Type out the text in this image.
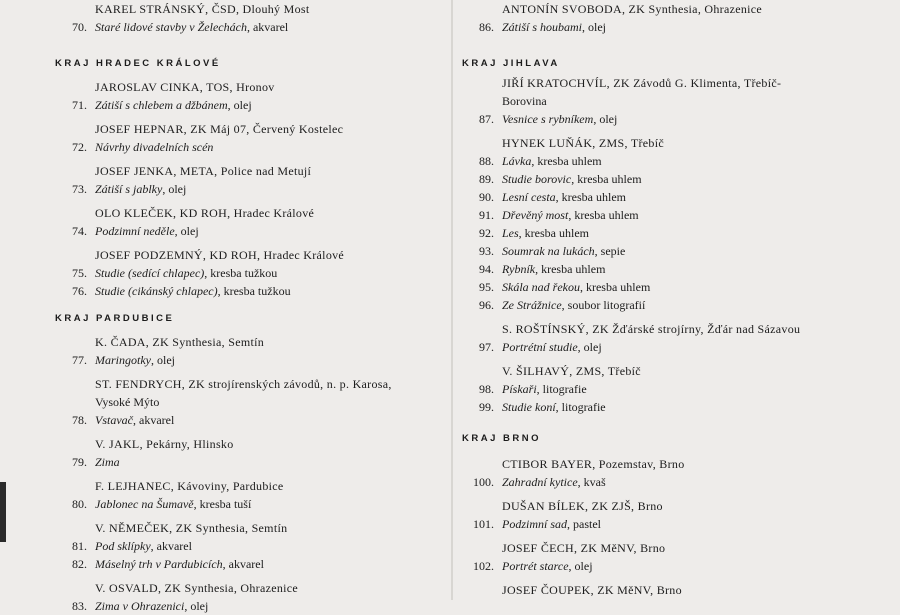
KAREL STRÁNSKÝ, ČSD, Dlouhý Most
70. Staré lidové stavby v Želechách, akvarel
KRAJ HRADEC KRÁLOVÉ
JAROSLAV CINKA, TOS, Hronov
71. Zátiší s chlebem a džbánem, olej
JOSEF HEPNAR, ZK Máj 07, Červený Kostelec
72. Návrhy divadelních scén
JOSEF JENKA, META, Police nad Metují
73. Zátiší s jablky, olej
OLO KLEČEK, KD ROH, Hradec Králové
74. Podzimní neděle, olej
JOSEF PODZEMNÝ, KD ROH, Hradec Králové
75. Studie (sedící chlapec), kresba tužkou
76. Studie (cikánský chlapec), kresba tužkou
KRAJ PARDUBICE
K. ČADA, ZK Synthesia, Semtín
77. Maringotky, olej
ST. FENDRYCH, ZK strojírenských závodů, n. p. Karosa,
Vysoké Mýto
78. Vstavač, akvarel
V. JAKL, Pekárny, Hlinsko
79. Zima
F. LEJHANEC, Kávoviny, Pardubice
80. Jablonec na Šumavě, kresba tuší
V. NĚMEČEK, ZK Synthesia, Semtín
81. Pod sklípky, akvarel
82. Máselný trh v Pardubicích, akvarel
V. OSVALD, ZK Synthesia, Ohrazenice
83. Zima v Ohrazenici, olej
ANTONÍN SVOBODA, ZK Synthesia, Ohrazenice
86. Zátiší s houbami, olej
KRAJ JIHLAVA
JIŘÍ KRATOCHVÍL, ZK Závodů G. Klimenta, Třebíč-
Borovina
87. Vesnice s rybníkem, olej
HYNEK LUŇÁK, ZMS, Třebíč
88. Lávka, kresba uhlem
89. Studie borovic, kresba uhlem
90. Lesní cesta, kresba uhlem
91. Dřevěný most, kresba uhlem
92. Les, kresba uhlem
93. Soumrak na lukách, sepie
94. Rybník, kresba uhlem
95. Skála nad řekou, kresba uhlem
96. Ze Strážnice, soubor litografií
S. ROŠTÍNSKÝ, ZK Žďárské strojírny, Žďár nad Sázavou
97. Portrétní studie, olej
V. ŠILHAVÝ, ZMS, Třebíč
98. Pískaři, litografie
99. Studie koní, litografie
KRAJ BRNO
CTIBOR BAYER, Pozemstav, Brno
100. Zahradní kytice, kvaš
DUŠAN BÍLEK, ZK ZJŠ, Brno
101. Podzimní sad, pastel
JOSEF ČECH, ZK MěNV, Brno
102. Portrét starce, olej
JOSEF ČOUPEK, ZK MěNV, Brno
